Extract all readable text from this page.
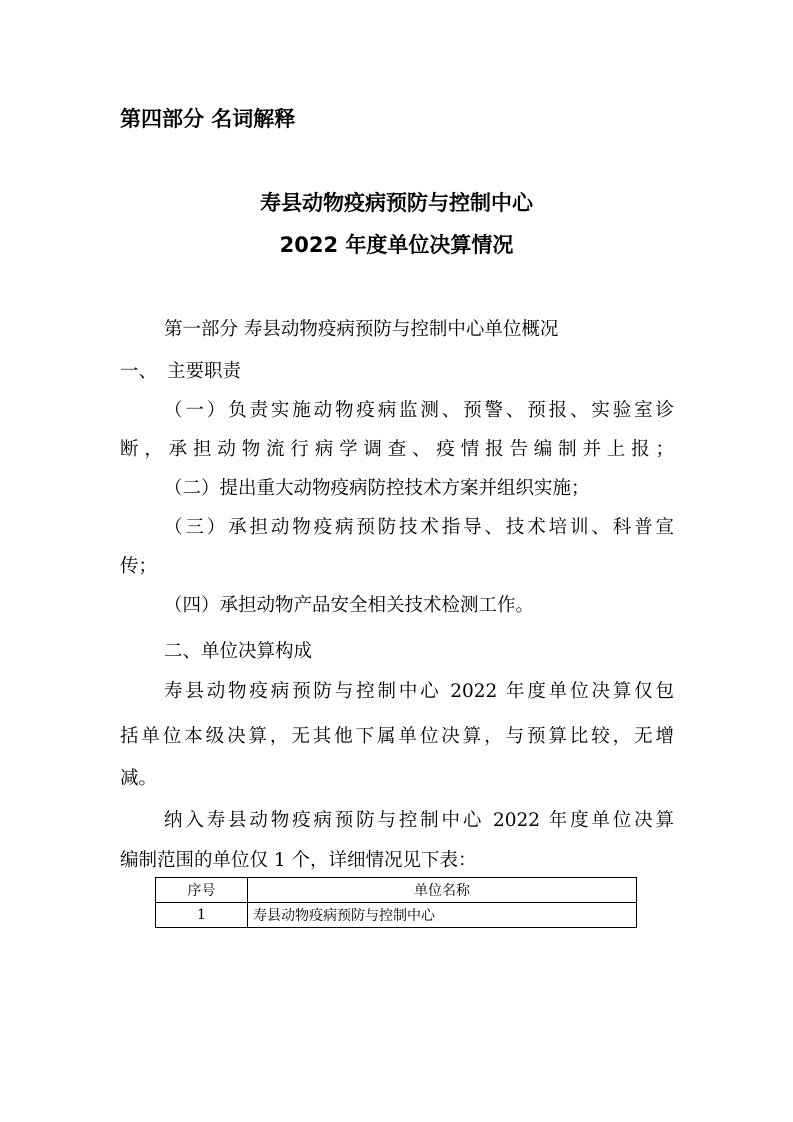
第四部分 名词解释
寿县动物疫病预防与控制中心
2022 年度单位决算情况
第一部分 寿县动物疫病预防与控制中心单位概况
一、 主要职责
（一）负责实施动物疫病监测、预警、预报、实验室诊
断，承担动物流行病学调查、疫情报告编制并上报；
（二）提出重大动物疫病防控技术方案并组织实施；
（三）承担动物疫病预防技术指导、技术培训、科普宣
传；
（四）承担动物产品安全相关技术检测工作。
二、单位决算构成
寿县动物疫病预防与控制中心 2022 年度单位决算仅包
括单位本级决算，无其他下属单位决算，与预算比较，无增
减。
纳入寿县动物疫病预防与控制中心 2022 年度单位决算
编制范围的单位仅 1 个，详细情况见下表：
序号	单位名称
1	寿县动物疫病预防与控制中心
